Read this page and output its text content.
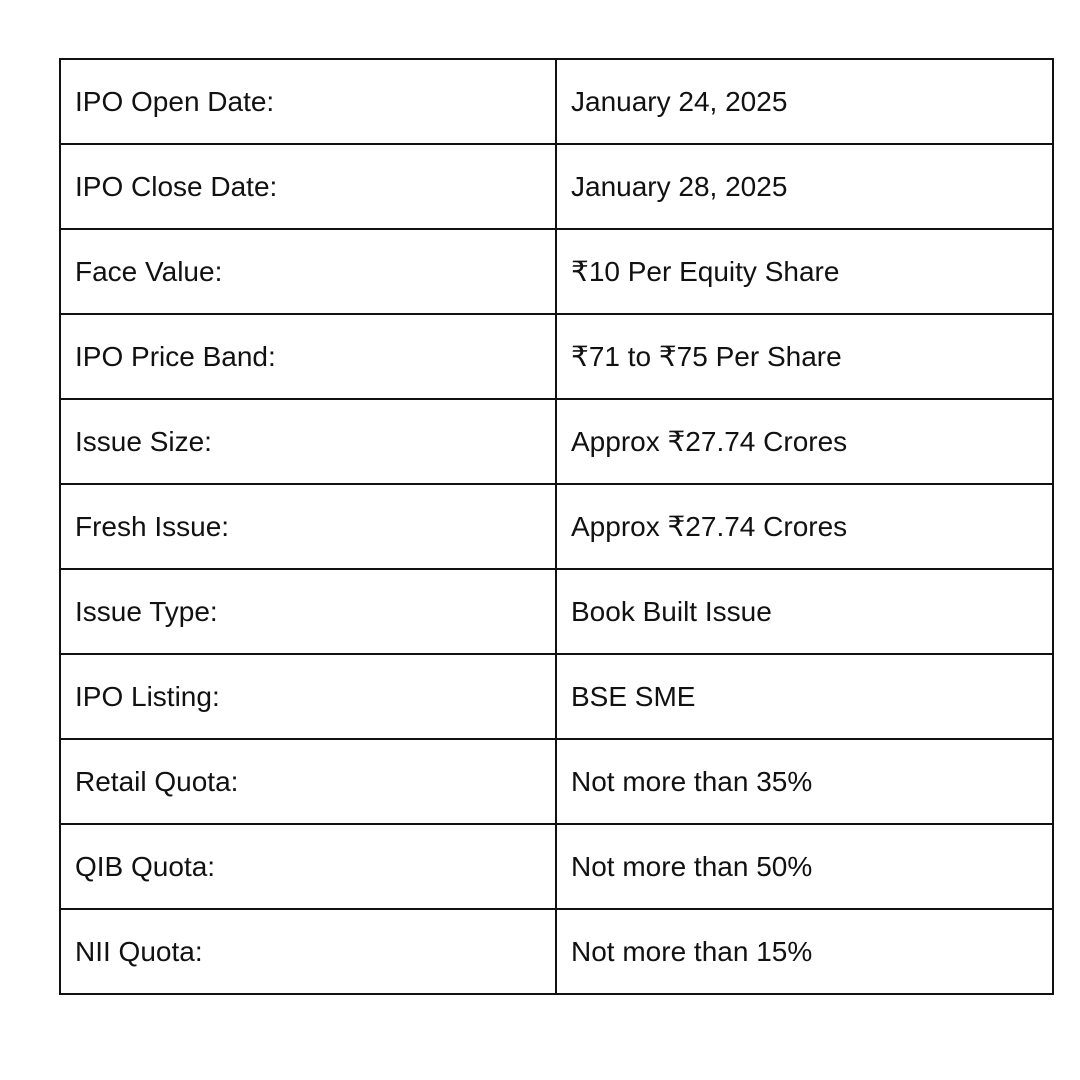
IPO Open Date:	January 24, 2025
IPO Close Date:	January 28, 2025
Face Value:	₹10 Per Equity Share
IPO Price Band:	₹71 to ₹75 Per Share
Issue Size:	Approx ₹27.74 Crores
Fresh Issue:	Approx ₹27.74 Crores
Issue Type:	Book Built Issue
IPO Listing:	BSE SME
Retail Quota:	Not more than 35%
QIB Quota:	Not more than 50%
NII Quota:	Not more than 15%
